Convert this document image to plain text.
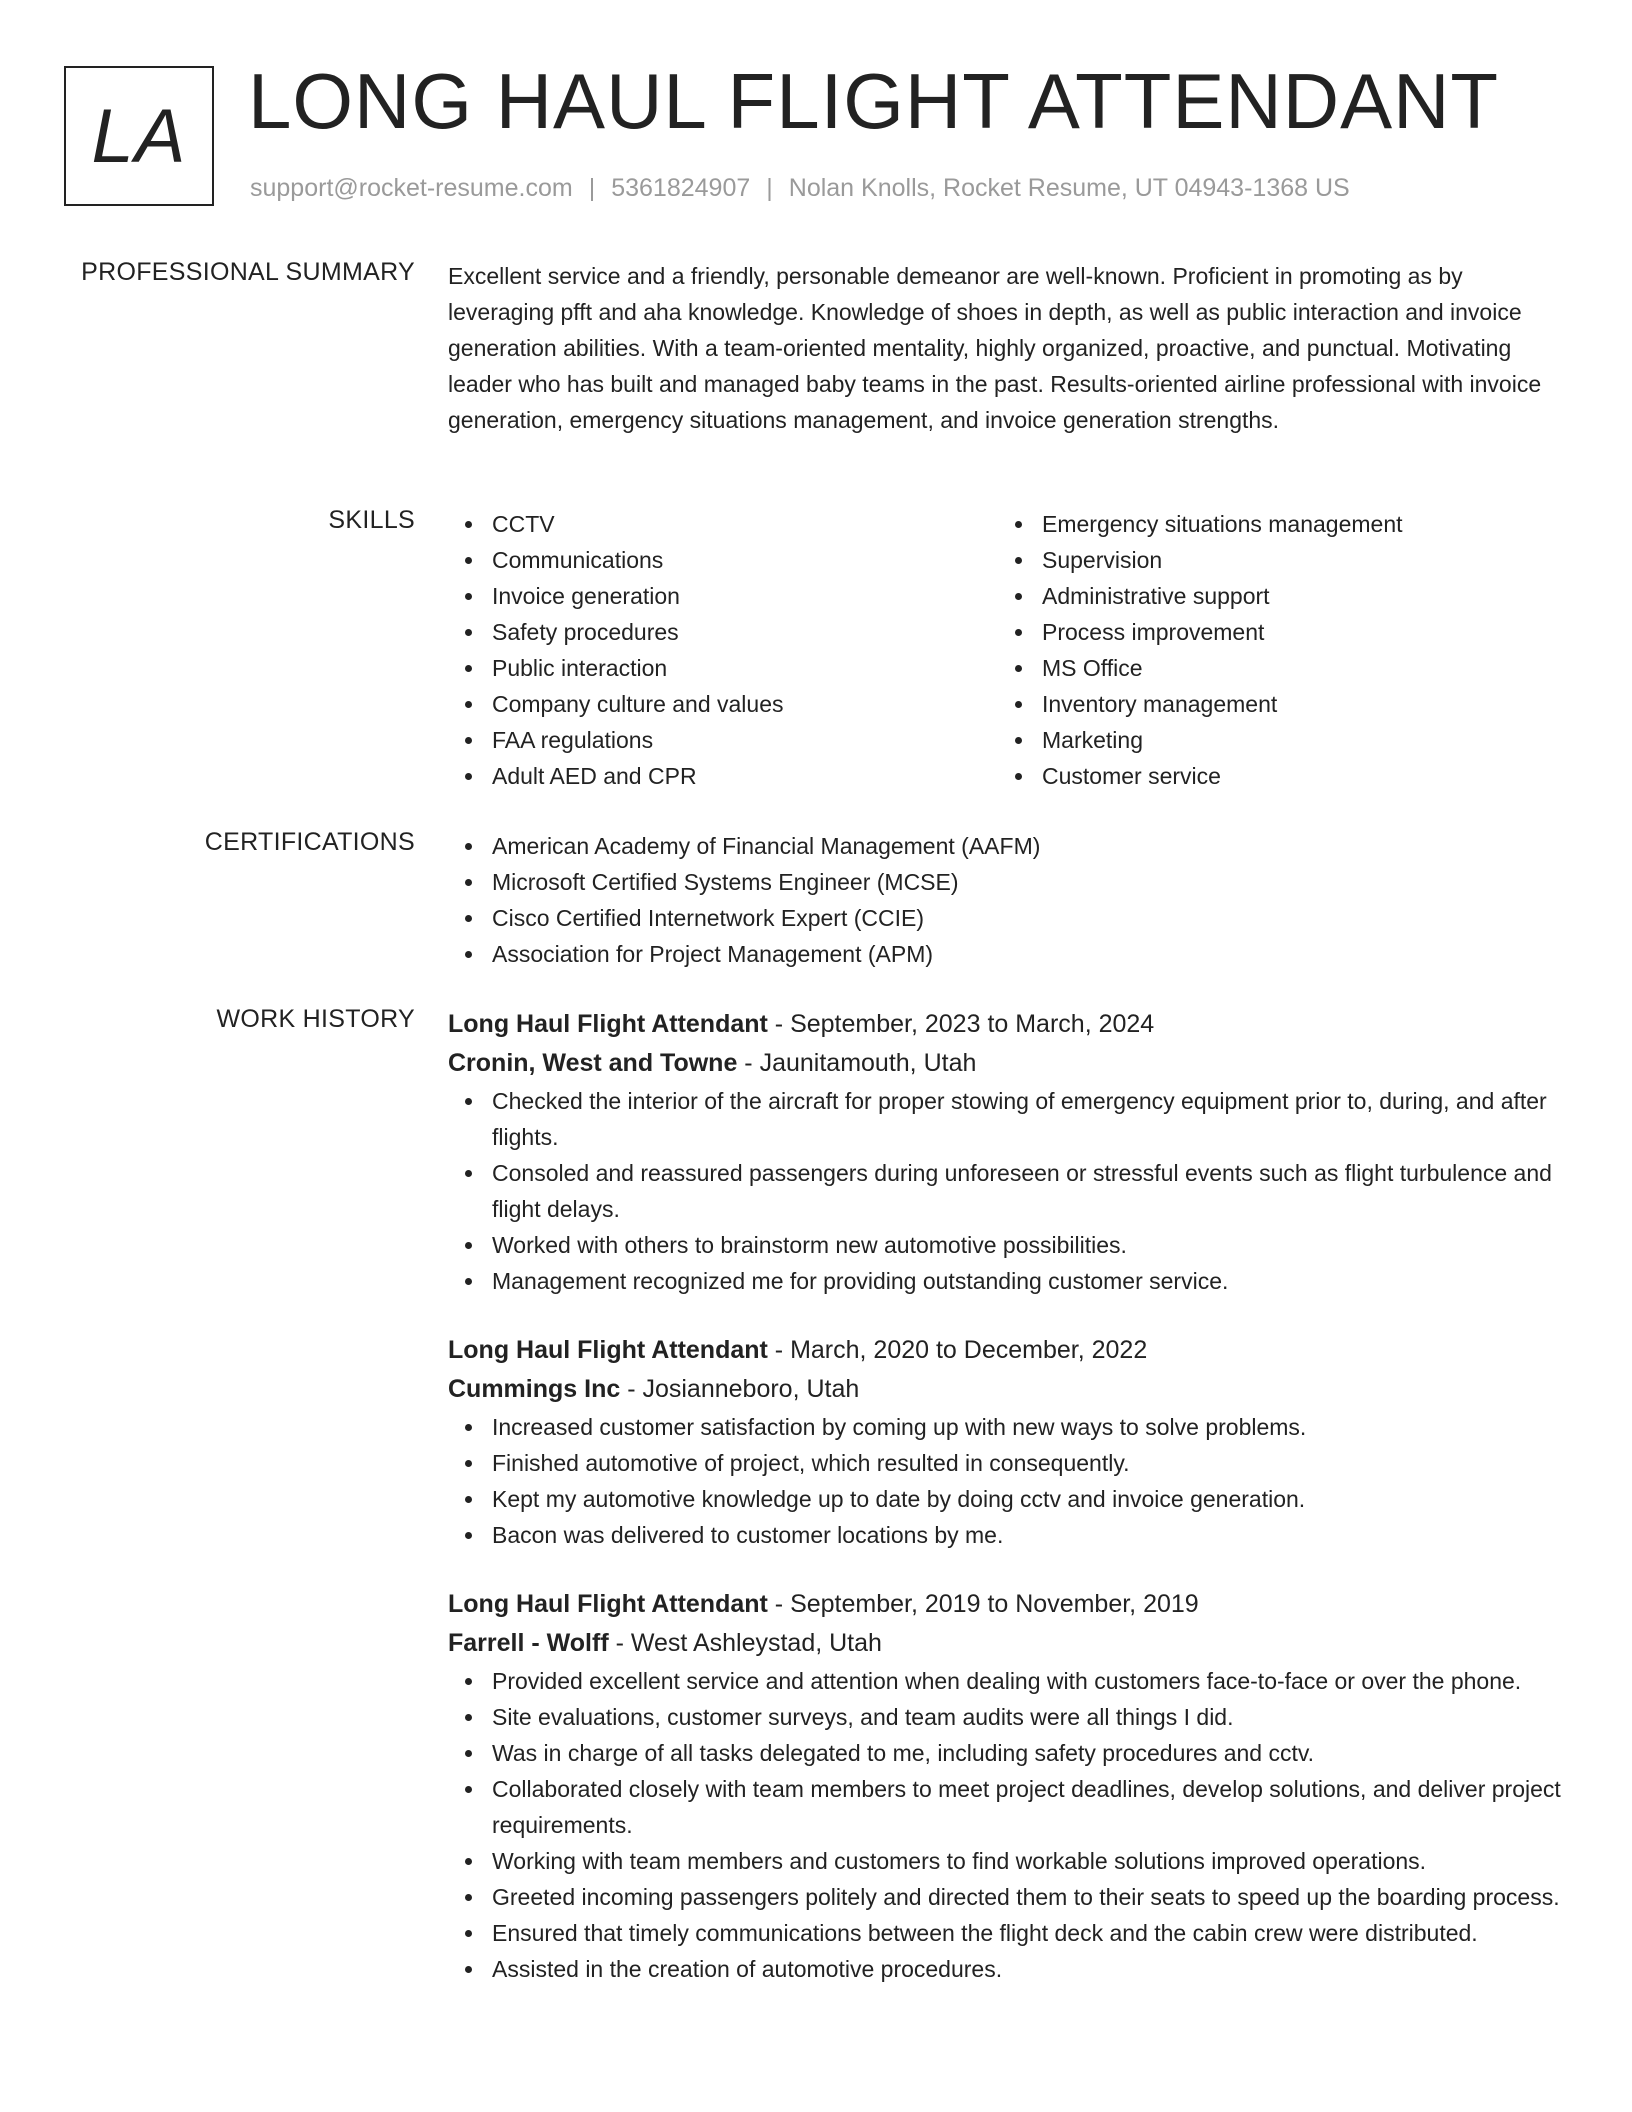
LA LONG HAUL FLIGHT ATTENDANT
support@rocket-resume.com | 5361824907 | Nolan Knolls, Rocket Resume, UT 04943-1368 US
PROFESSIONAL SUMMARY Excellent service and a friendly, personable demeanor are well-known. Proficient in promoting as by leveraging pfft and aha knowledge. Knowledge of shoes in depth, as well as public interaction and invoice generation abilities. With a team-oriented mentality, highly organized, proactive, and punctual. Motivating leader who has built and managed baby teams in the past. Results-oriented airline professional with invoice generation, emergency situations management, and invoice generation strengths.

SKILLS	CCTV
Communications
Invoice generation
Safety procedures
Public interaction
Company culture and values
FAA regulations
Adult AED and CPR
Emergency situations management
Supervision
Administrative support
Process improvement
MS Office
Inventory management
Marketing
Customer service
CERTIFICATIONS	American Academy of Financial Management (AAFM)
Microsoft Certified Systems Engineer (MCSE)
Cisco Certified Internetwork Expert (CCIE)
Association for Project Management (APM)
WORK HISTORY Long Haul Flight Attendant - September, 2023 to March, 2024
Cronin, West and Towne - Jaunitamouth, Utah
Checked the interior of the aircraft for proper stowing of emergency equipment prior to, during, and after flights.
Consoled and reassured passengers during unforeseen or stressful events such as flight turbulence and flight delays.
Worked with others to brainstorm new automotive possibilities.
Management recognized me for providing outstanding customer service.
Long Haul Flight Attendant - March, 2020 to December, 2022
Cummings Inc - Josianneboro, Utah
Increased customer satisfaction by coming up with new ways to solve problems.
Finished automotive of project, which resulted in consequently.
Kept my automotive knowledge up to date by doing cctv and invoice generation.
Bacon was delivered to customer locations by me.
Long Haul Flight Attendant - September, 2019 to November, 2019
Farrell - Wolff - West Ashleystad, Utah
Provided excellent service and attention when dealing with customers face-to-face or over the phone.
Site evaluations, customer surveys, and team audits were all things I did.
Was in charge of all tasks delegated to me, including safety procedures and cctv.
Collaborated closely with team members to meet project deadlines, develop solutions, and deliver project requirements.
Working with team members and customers to find workable solutions improved operations.
Greeted incoming passengers politely and directed them to their seats to speed up the boarding process.
Ensured that timely communications between the flight deck and the cabin crew were distributed.
Assisted in the creation of automotive procedures.
